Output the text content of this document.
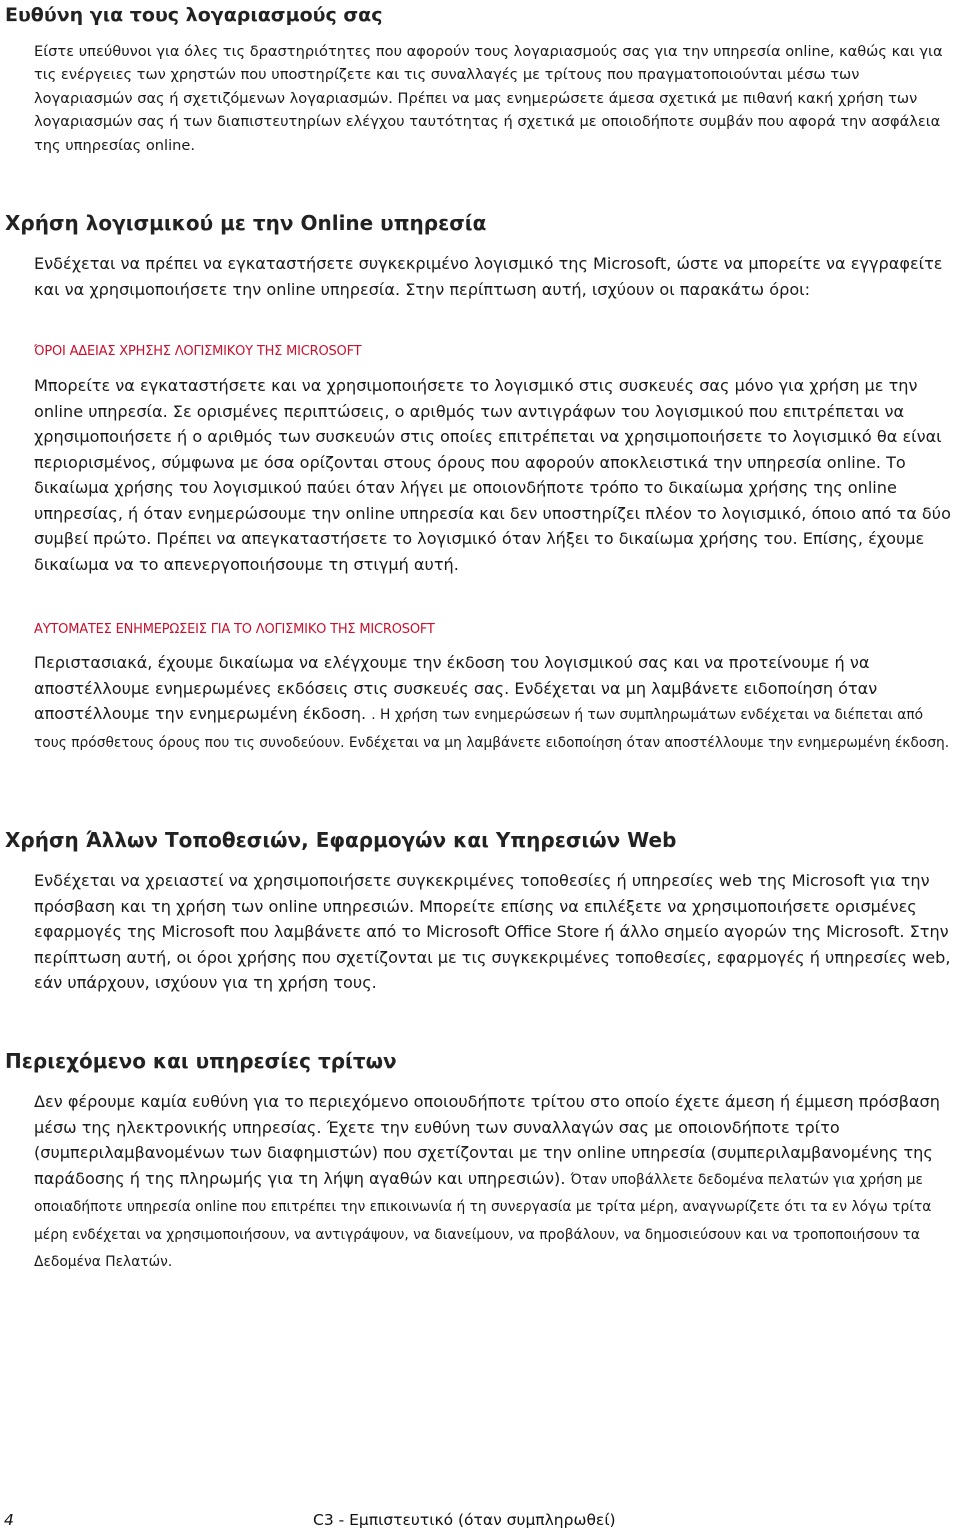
Ευθύνη για τους λογαριασμούς σας

Είστε υπεύθυνοι για όλες τις δραστηριότητες που αφορούν τους λογαριασμούς σας για την υπηρεσία online, καθώς και για τις ενέργειες των χρηστών που υποστηρίζετε και τις συναλλαγές με τρίτους που πραγματοποιούνται μέσω των λογαριασμών σας ή σχετιζόμενων λογαριασμών. Πρέπει να μας ενημερώσετε άμεσα σχετικά με πιθανή κακή χρήση των λογαριασμών σας ή των διαπιστευτηρίων ελέγχου ταυτότητας ή σχετικά με οποιοδήποτε συμβάν που αφορά την ασφάλεια της υπηρεσίας online.

Χρήση λογισμικού με την Online υπηρεσία

Ενδέχεται να πρέπει να εγκαταστήσετε συγκεκριμένο λογισμικό της Microsoft, ώστε να μπορείτε να εγγραφείτε και να χρησιμοποιήσετε την online υπηρεσία. Στην περίπτωση αυτή, ισχύουν οι παρακάτω όροι:

ΌΡΟΙ ΑΔΕΙΑΣ ΧΡΗΣΗΣ ΛΟΓΙΣΜΙΚΟΥ ΤΗΣ MICROSOFT

Μπορείτε να εγκαταστήσετε και να χρησιμοποιήσετε το λογισμικό στις συσκευές σας μόνο για χρήση με την online υπηρεσία. Σε ορισμένες περιπτώσεις, ο αριθμός των αντιγράφων του λογισμικού που επιτρέπεται να χρησιμοποιήσετε ή ο αριθμός των συσκευών στις οποίες επιτρέπεται να χρησιμοποιήσετε το λογισμικό θα είναι περιορισμένος, σύμφωνα με όσα ορίζονται στους όρους που αφορούν αποκλειστικά την υπηρεσία online. Το δικαίωμα χρήσης του λογισμικού παύει όταν λήγει με οποιονδήποτε τρόπο το δικαίωμα χρήσης της online υπηρεσίας, ή όταν ενημερώσουμε την online υπηρεσία και δεν υποστηρίζει πλέον το λογισμικό, όποιο από τα δύο συμβεί πρώτο. Πρέπει να απεγκαταστήσετε το λογισμικό όταν λήξει το δικαίωμα χρήσης του. Επίσης, έχουμε δικαίωμα να το απενεργοποιήσουμε τη στιγμή αυτή.

ΑΥΤΟΜΑΤΕΣ ΕΝΗΜΕΡΩΣΕΙΣ ΓΙΑ ΤΟ ΛΟΓΙΣΜΙΚΟ ΤΗΣ MICROSOFT

Περιστασιακά, έχουμε δικαίωμα να ελέγχουμε την έκδοση του λογισμικού σας και να προτείνουμε ή να αποστέλλουμε ενημερωμένες εκδόσεις στις συσκευές σας. Ενδέχεται να μη λαμβάνετε ειδοποίηση όταν αποστέλλουμε την ενημερωμένη έκδοση. . Η χρήση των ενημερώσεων ή των συμπληρωμάτων ενδέχεται να διέπεται από τους πρόσθετους όρους που τις συνοδεύουν. Ενδέχεται να μη λαμβάνετε ειδοποίηση όταν αποστέλλουμε την ενημερωμένη έκδοση.

Χρήση Άλλων Τοποθεσιών, Εφαρμογών και Υπηρεσιών Web

Ενδέχεται να χρειαστεί να χρησιμοποιήσετε συγκεκριμένες τοποθεσίες ή υπηρεσίες web της Microsoft για την πρόσβαση και τη χρήση των online υπηρεσιών. Μπορείτε επίσης να επιλέξετε να χρησιμοποιήσετε ορισμένες εφαρμογές της Microsoft που λαμβάνετε από το Microsoft Office Store ή άλλο σημείο αγορών της Microsoft. Στην περίπτωση αυτή, οι όροι χρήσης που σχετίζονται με τις συγκεκριμένες τοποθεσίες, εφαρμογές ή υπηρεσίες web, εάν υπάρχουν, ισχύουν για τη χρήση τους.

Περιεχόμενο και υπηρεσίες τρίτων

Δεν φέρουμε καμία ευθύνη για το περιεχόμενο οποιουδήποτε τρίτου στο οποίο έχετε άμεση ή έμμεση πρόσβαση μέσω της ηλεκτρονικής υπηρεσίας. Έχετε την ευθύνη των συναλλαγών σας με οποιονδήποτε τρίτο (συμπεριλαμβανομένων των διαφημιστών) που σχετίζονται με την online υπηρεσία (συμπεριλαμβανομένης της παράδοσης ή της πληρωμής για τη λήψη αγαθών και υπηρεσιών). Όταν υποβάλλετε δεδομένα πελατών για χρήση με οποιαδήποτε υπηρεσία online που επιτρέπει την επικοινωνία ή τη συνεργασία με τρίτα μέρη, αναγνωρίζετε ότι τα εν λόγω τρίτα μέρη ενδέχεται να χρησιμοποιήσουν, να αντιγράψουν, να διανείμουν, να προβάλουν, να δημοσιεύσουν και να τροποποιήσουν τα Δεδομένα Πελατών.

4	C3 - Εμπιστευτικό (όταν συμπληρωθεί)
